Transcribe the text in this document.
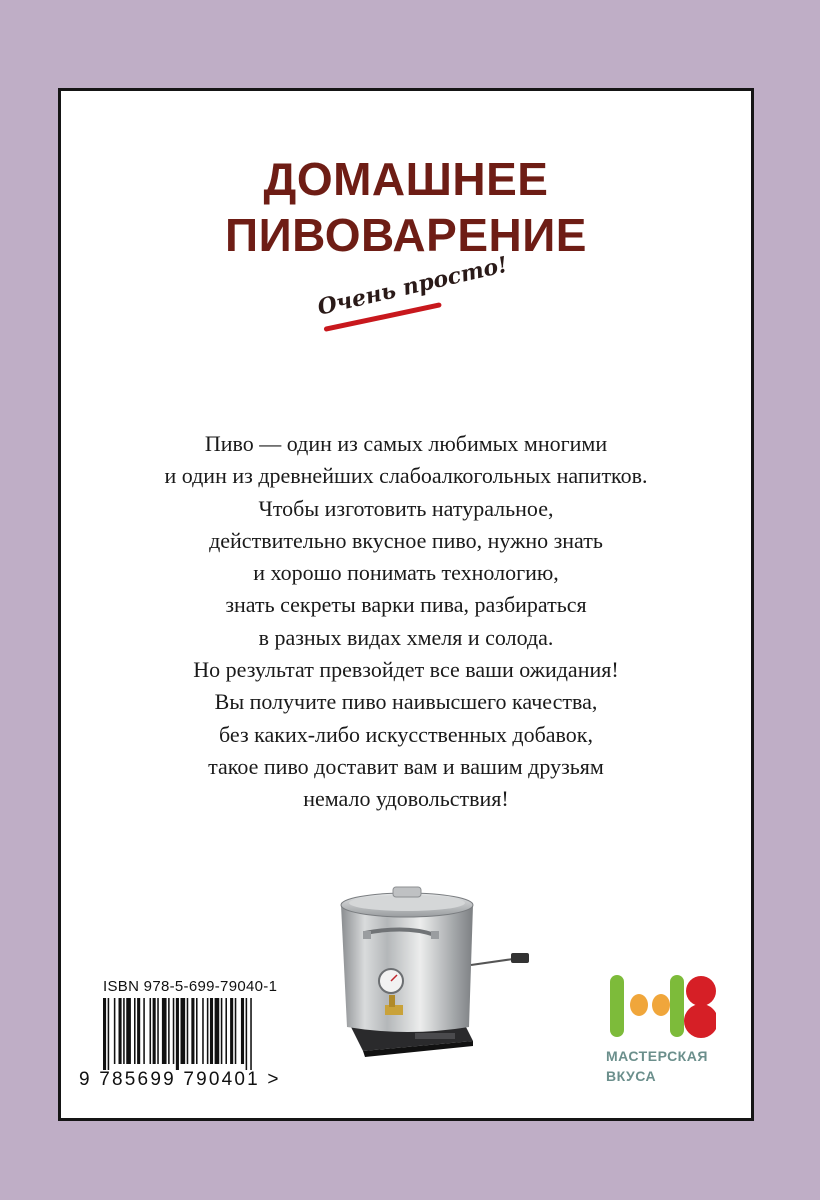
ДОМАШНЕЕ
ПИВОВАРЕНИЕ
Очень просто!
Пиво — один из самых любимых многими
и один из древнейших слабоалкогольных напитков.
Чтобы изготовить натуральное,
действительно вкусное пиво, нужно знать
и хорошо понимать технологию,
знать секреты варки пива, разбираться
в разных видах хмеля и солода.
Но результат превзойдет все ваши ожидания!
Вы получите пиво наивысшего качества,
без каких-либо искусственных добавок,
такое пиво доставит вам и вашим друзьям
немало удовольствия!
ISBN 978-5-699-79040-1
9 785699 790401 >
МАСТЕРСКАЯ
ВКУСА
